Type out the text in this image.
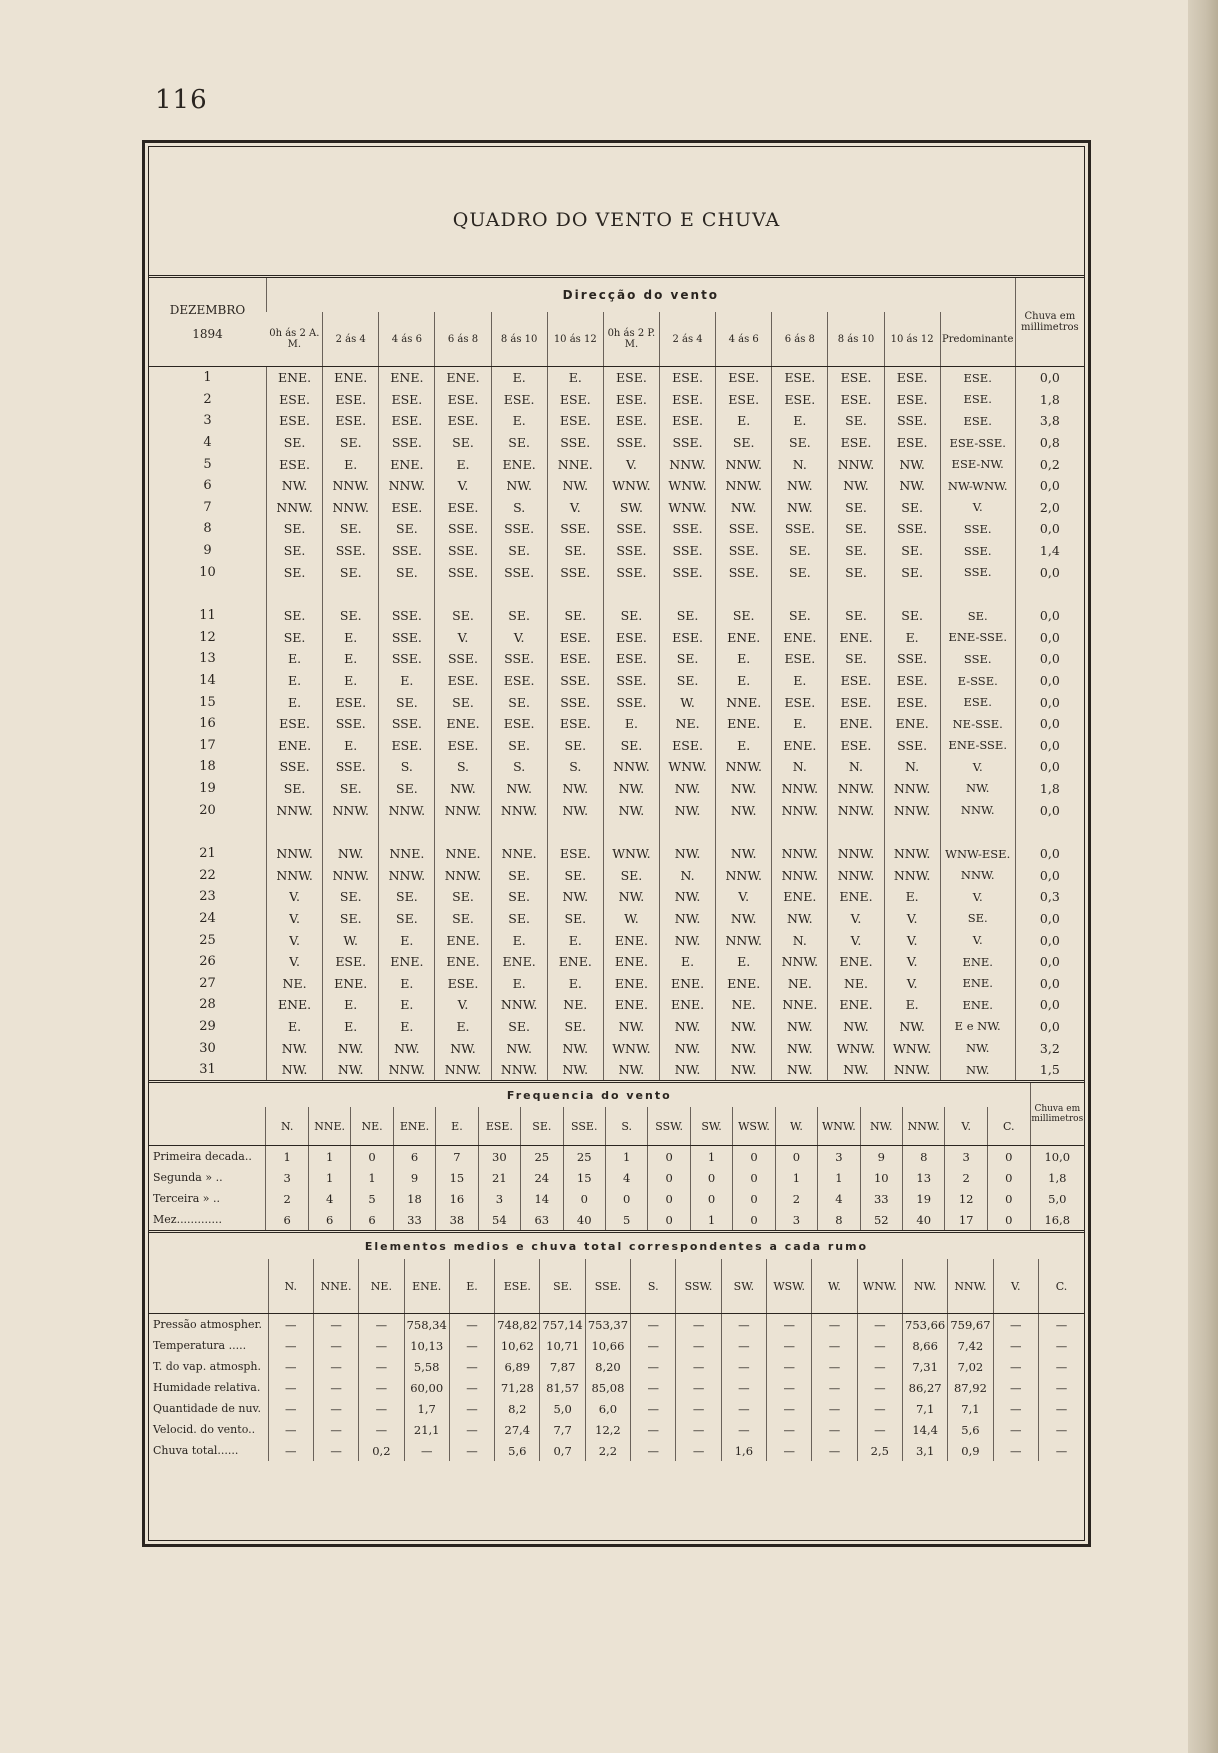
116
QUADRO DO VENTO E CHUVA
DEZEMBRO
1894	Direcção do vento													Chuva em millimetros
	0h ás 2 A. M.	2 ás 4	4 ás 6	6 ás 8	8 ás 10	10 ás 12	0h ás 2 P. M.	2 ás 4	4 ás 6	6 ás 8	8 ás 10	10 ás 12	Predominante	
1	ENE.	ENE.	ENE.	ENE.	E.	E.	ESE.	ESE.	ESE.	ESE.	ESE.	ESE.	ESE.	0,0
2	ESE.	ESE.	ESE.	ESE.	ESE.	ESE.	ESE.	ESE.	ESE.	ESE.	ESE.	ESE.	ESE.	1,8
3	ESE.	ESE.	ESE.	ESE.	E.	ESE.	ESE.	ESE.	E.	E.	SE.	SSE.	ESE.	3,8
4	SE.	SE.	SSE.	SE.	SE.	SSE.	SSE.	SSE.	SE.	SE.	ESE.	ESE.	ESE-SSE.	0,8
5	ESE.	E.	ENE.	E.	ENE.	NNE.	V.	NNW.	NNW.	N.	NNW.	NW.	ESE-NW.	0,2
6	NW.	NNW.	NNW.	V.	NW.	NW.	WNW.	WNW.	NNW.	NW.	NW.	NW.	NW-WNW.	0,0
7	NNW.	NNW.	ESE.	ESE.	S.	V.	SW.	WNW.	NW.	NW.	SE.	SE.	V.	2,0
8	SE.	SE.	SE.	SSE.	SSE.	SSE.	SSE.	SSE.	SSE.	SSE.	SE.	SSE.	SSE.	0,0
9	SE.	SSE.	SSE.	SSE.	SE.	SE.	SSE.	SSE.	SSE.	SE.	SE.	SE.	SSE.	1,4
10	SE.	SE.	SE.	SSE.	SSE.	SSE.	SSE.	SSE.	SSE.	SE.	SE.	SE.	SSE.	0,0

11	SE.	SE.	SSE.	SE.	SE.	SE.	SE.	SE.	SE.	SE.	SE.	SE.	SE.	0,0
12	SE.	E.	SSE.	V.	V.	ESE.	ESE.	ESE.	ENE.	ENE.	ENE.	E.	ENE-SSE.	0,0
13	E.	E.	SSE.	SSE.	SSE.	ESE.	ESE.	SE.	E.	ESE.	SE.	SSE.	SSE.	0,0
14	E.	E.	E.	ESE.	ESE.	SSE.	SSE.	SE.	E.	E.	ESE.	ESE.	E-SSE.	0,0
15	E.	ESE.	SE.	SE.	SE.	SSE.	SSE.	W.	NNE.	ESE.	ESE.	ESE.	ESE.	0,0
16	ESE.	SSE.	SSE.	ENE.	ESE.	ESE.	E.	NE.	ENE.	E.	ENE.	ENE.	NE-SSE.	0,0
17	ENE.	E.	ESE.	ESE.	SE.	SE.	SE.	ESE.	E.	ENE.	ESE.	SSE.	ENE-SSE.	0,0
18	SSE.	SSE.	S.	S.	S.	S.	NNW.	WNW.	NNW.	N.	N.	N.	V.	0,0
19	SE.	SE.	SE.	NW.	NW.	NW.	NW.	NW.	NW.	NNW.	NNW.	NNW.	NW.	1,8
20	NNW.	NNW.	NNW.	NNW.	NNW.	NW.	NW.	NW.	NW.	NNW.	NNW.	NNW.	NNW.	0,0

21	NNW.	NW.	NNE.	NNE.	NNE.	ESE.	WNW.	NW.	NW.	NNW.	NNW.	NNW.	WNW-ESE.	0,0
22	NNW.	NNW.	NNW.	NNW.	SE.	SE.	SE.	N.	NNW.	NNW.	NNW.	NNW.	NNW.	0,0
23	V.	SE.	SE.	SE.	SE.	NW.	NW.	NW.	V.	ENE.	ENE.	E.	V.	0,3
24	V.	SE.	SE.	SE.	SE.	SE.	W.	NW.	NW.	NW.	V.	V.	SE.	0,0
25	V.	W.	E.	ENE.	E.	E.	ENE.	NW.	NNW.	N.	V.	V.	V.	0,0
26	V.	ESE.	ENE.	ENE.	ENE.	ENE.	ENE.	E.	E.	NNW.	ENE.	V.	ENE.	0,0
27	NE.	ENE.	E.	ESE.	E.	E.	ENE.	ENE.	ENE.	NE.	NE.	V.	ENE.	0,0
28	ENE.	E.	E.	V.	NNW.	NE.	ENE.	ENE.	NE.	NNE.	ENE.	E.	ENE.	0,0
29	E.	E.	E.	E.	SE.	SE.	NW.	NW.	NW.	NW.	NW.	NW.	E e NW.	0,0
30	NW.	NW.	NW.	NW.	NW.	NW.	WNW.	NW.	NW.	NW.	WNW.	WNW.	NW.	3,2
31	NW.	NW.	NNW.	NNW.	NNW.	NW.	NW.	NW.	NW.	NW.	NW.	NNW.	NW.	1,5
Frequencia do vento																			Chuva em millimetros
	N.	NNE.	NE.	ENE.	E.	ESE.	SE.	SSE.	S.	SSW.	SW.	WSW.	W.	WNW.	NW.	NNW.	V.	C.	
Primeira decada..	1	1	0	6	7	30	25	25	1	0	1	0	0	3	9	8	3	0	10,0
Segunda » ..	3	1	1	9	15	21	24	15	4	0	0	0	1	1	10	13	2	0	1,8
Terceira » ..	2	4	5	18	16	3	14	0	0	0	0	0	2	4	33	19	12	0	5,0
Mez.............	6	6	6	33	38	54	63	40	5	0	1	0	3	8	52	40	17	0	16,8
Elementos medios e chuva total correspondentes a cada rumo																		
	N.	NNE.	NE.	ENE.	E.	ESE.	SE.	SSE.	S.	SSW.	SW.	WSW.	W.	WNW.	NW.	NNW.	V.	C.
Pressão atmospher.	—	—	—	758,34	—	748,82	757,14	753,37	—	—	—	—	—	—	753,66	759,67	—	—
Temperatura .....	—	—	—	10,13	—	10,62	10,71	10,66	—	—	—	—	—	—	8,66	7,42	—	—
T. do vap. atmosph.	—	—	—	5,58	—	6,89	7,87	8,20	—	—	—	—	—	—	7,31	7,02	—	—
Humidade relativa.	—	—	—	60,00	—	71,28	81,57	85,08	—	—	—	—	—	—	86,27	87,92	—	—
Quantidade de nuv.	—	—	—	1,7	—	8,2	5,0	6,0	—	—	—	—	—	—	7,1	7,1	—	—
Velocid. do vento..	—	—	—	21,1	—	27,4	7,7	12,2	—	—	—	—	—	—	14,4	5,6	—	—
Chuva total......	—	—	0,2	—	—	5,6	0,7	2,2	—	—	1,6	—	—	2,5	3,1	0,9	—	—
